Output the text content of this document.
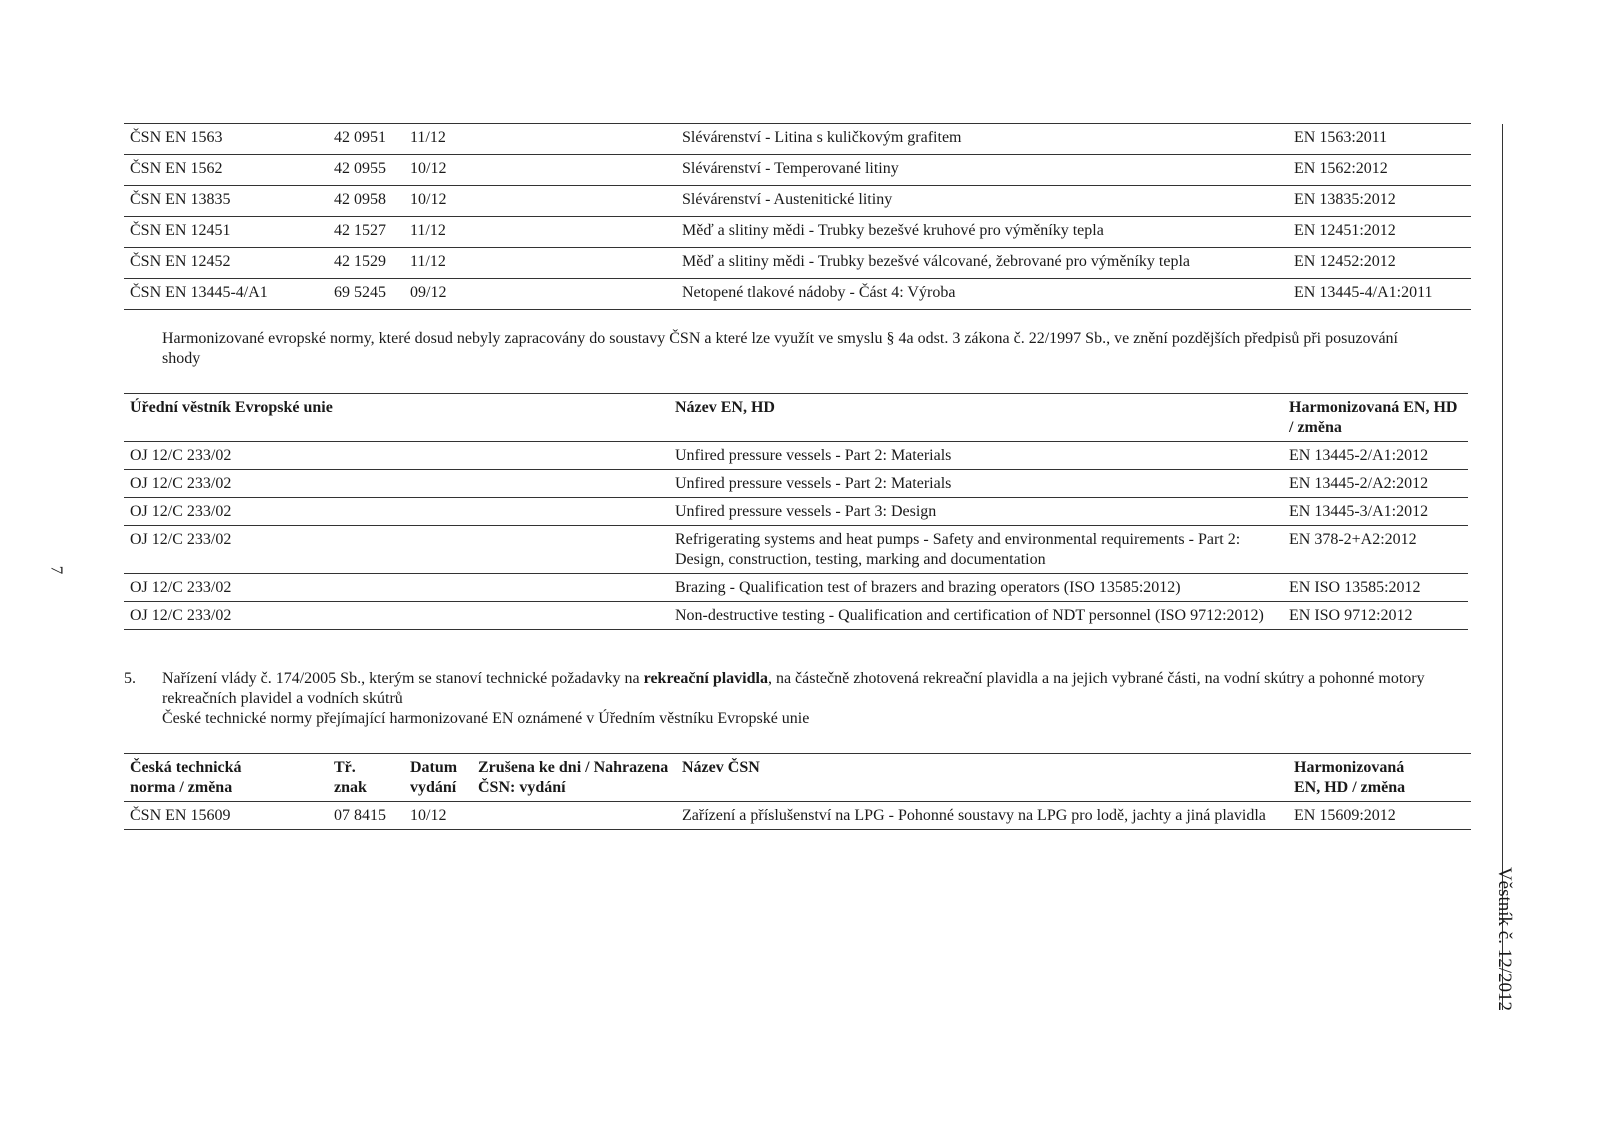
7
Věstník č. 12/2012
ČSN EN 1563	42 0951	11/12		Slévárenství - Litina s kuličkovým grafitem	EN 1563:2011
ČSN EN 1562	42 0955	10/12		Slévárenství - Temperované litiny	EN 1562:2012
ČSN EN 13835	42 0958	10/12		Slévárenství - Austenitické litiny	EN 13835:2012
ČSN EN 12451	42 1527	11/12		Měď a slitiny mědi - Trubky bezešvé kruhové pro výměníky tepla	EN 12451:2012
ČSN EN 12452	42 1529	11/12		Měď a slitiny mědi - Trubky bezešvé válcované, žebrované pro výměníky tepla	EN 12452:2012
ČSN EN 13445-4/A1	69 5245	09/12		Netopené tlakové nádoby - Část 4: Výroba	EN 13445-4/A1:2011
Harmonizované evropské normy, které dosud nebyly zapracovány do soustavy ČSN a které lze využít ve smyslu § 4a odst. 3 zákona č. 22/1997 Sb., ve znění pozdějších předpisů při posuzování shody
Úřední věstník Evropské unie	Název EN, HD	Harmonizovaná EN, HD / změna
OJ 12/C 233/02	Unfired pressure vessels - Part 2: Materials	EN 13445-2/A1:2012
OJ 12/C 233/02	Unfired pressure vessels - Part 2: Materials	EN 13445-2/A2:2012
OJ 12/C 233/02	Unfired pressure vessels - Part 3: Design	EN 13445-3/A1:2012
OJ 12/C 233/02	Refrigerating systems and heat pumps - Safety and environmental requirements - Part 2: Design, construction, testing, marking and documentation	EN 378-2+A2:2012
OJ 12/C 233/02	Brazing - Qualification test of brazers and brazing operators (ISO 13585:2012)	EN ISO 13585:2012
OJ 12/C 233/02	Non-destructive testing - Qualification and certification of NDT personnel (ISO 9712:2012)	EN ISO 9712:2012
5. Nařízení vlády č. 174/2005 Sb., kterým se stanoví technické požadavky na rekreační plavidla, na částečně zhotovená rekreační plavidla a na jejich vybrané části, na vodní skútry a pohonné motory rekreačních plavidel a vodních skútrů
České technické normy přejímající harmonizované EN oznámené v Úředním věstníku Evropské unie
Česká technická norma / změna	Tř. znak	Datum vydání	Zrušena ke dni / Nahrazena ČSN: vydání	Název ČSN	Harmonizovaná EN, HD / změna
ČSN EN 15609	07 8415	10/12		Zařízení a příslušenství na LPG - Pohonné soustavy na LPG pro lodě, jachty a jiná plavidla	EN 15609:2012
